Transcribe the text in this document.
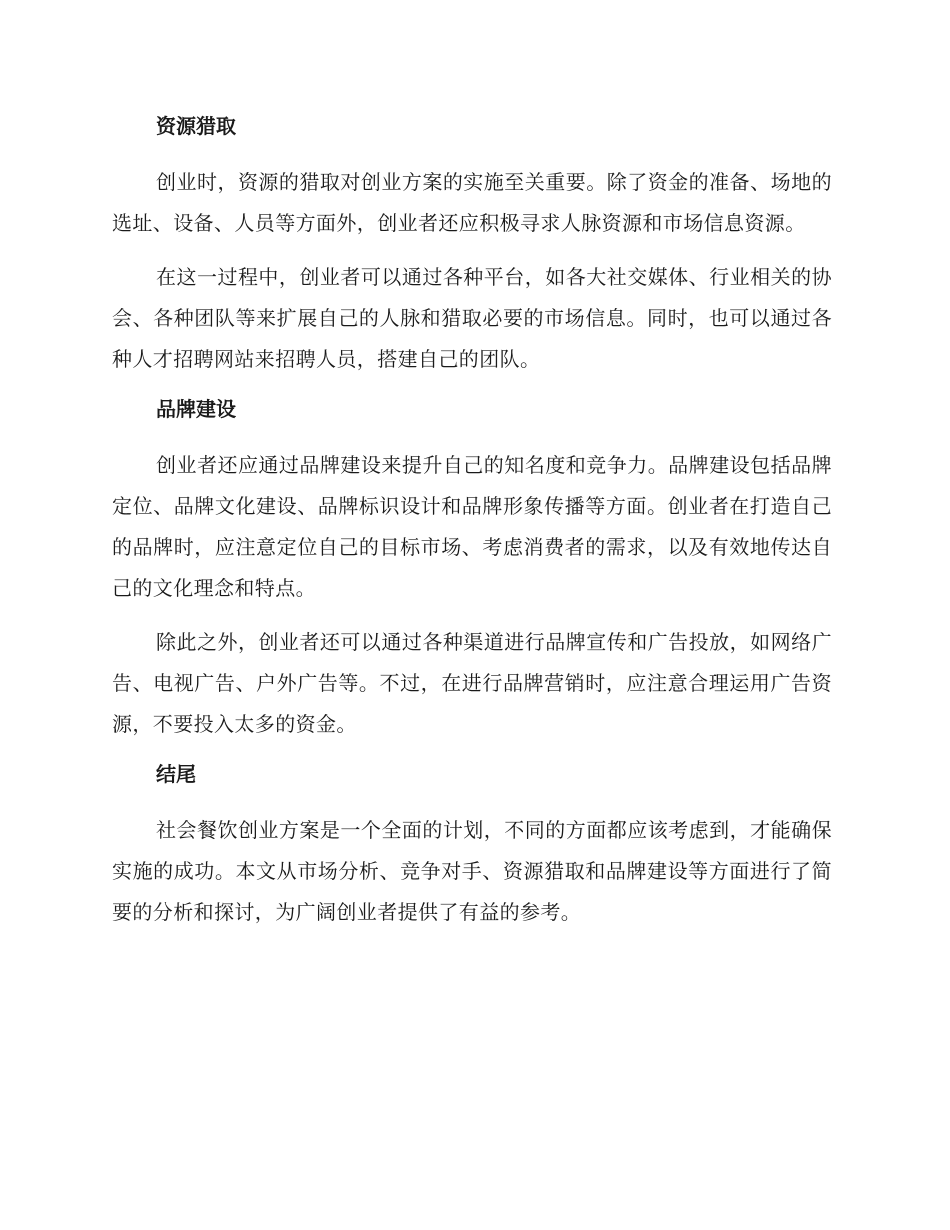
资源猎取

创业时，资源的猎取对创业方案的实施至关重要。除了资金的准备、场地的选址、设备、人员等方面外，创业者还应积极寻求人脉资源和市场信息资源。

在这一过程中，创业者可以通过各种平台，如各大社交媒体、行业相关的协会、各种团队等来扩展自己的人脉和猎取必要的市场信息。同时，也可以通过各种人才招聘网站来招聘人员，搭建自己的团队。

品牌建设

创业者还应通过品牌建设来提升自己的知名度和竞争力。品牌建设包括品牌定位、品牌文化建设、品牌标识设计和品牌形象传播等方面。创业者在打造自己的品牌时，应注意定位自己的目标市场、考虑消费者的需求，以及有效地传达自己的文化理念和特点。

除此之外，创业者还可以通过各种渠道进行品牌宣传和广告投放，如网络广告、电视广告、户外广告等。不过，在进行品牌营销时，应注意合理运用广告资源，不要投入太多的资金。

结尾

社会餐饮创业方案是一个全面的计划，不同的方面都应该考虑到，才能确保实施的成功。本文从市场分析、竞争对手、资源猎取和品牌建设等方面进行了简要的分析和探讨，为广阔创业者提供了有益的参考。
